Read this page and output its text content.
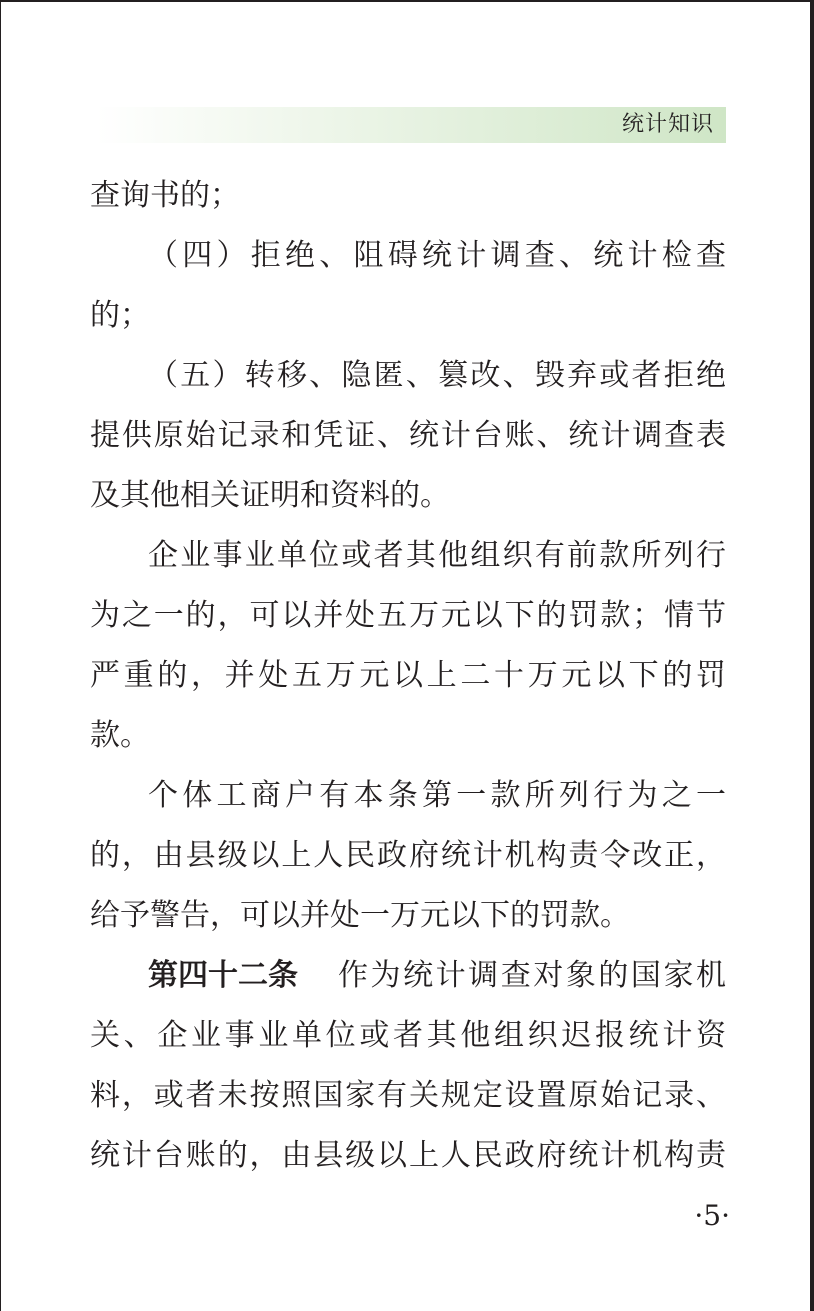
统计知识
查询书的；
（四）拒绝、阻碍统计调查、统计检查
的；
（五）转移、隐匿、篡改、毁弃或者拒绝
提供原始记录和凭证、统计台账、统计调查表
及其他相关证明和资料的。
企业事业单位或者其他组织有前款所列行
为之一的，可以并处五万元以下的罚款；情节
严重的，并处五万元以上二十万元以下的罚
款。
个体工商户有本条第一款所列行为之一
的，由县级以上人民政府统计机构责令改正，
给予警告，可以并处一万元以下的罚款。
第四十二条 作为统计调查对象的国家机
关、企业事业单位或者其他组织迟报统计资
料，或者未按照国家有关规定设置原始记录、
统计台账的，由县级以上人民政府统计机构责
·5·
